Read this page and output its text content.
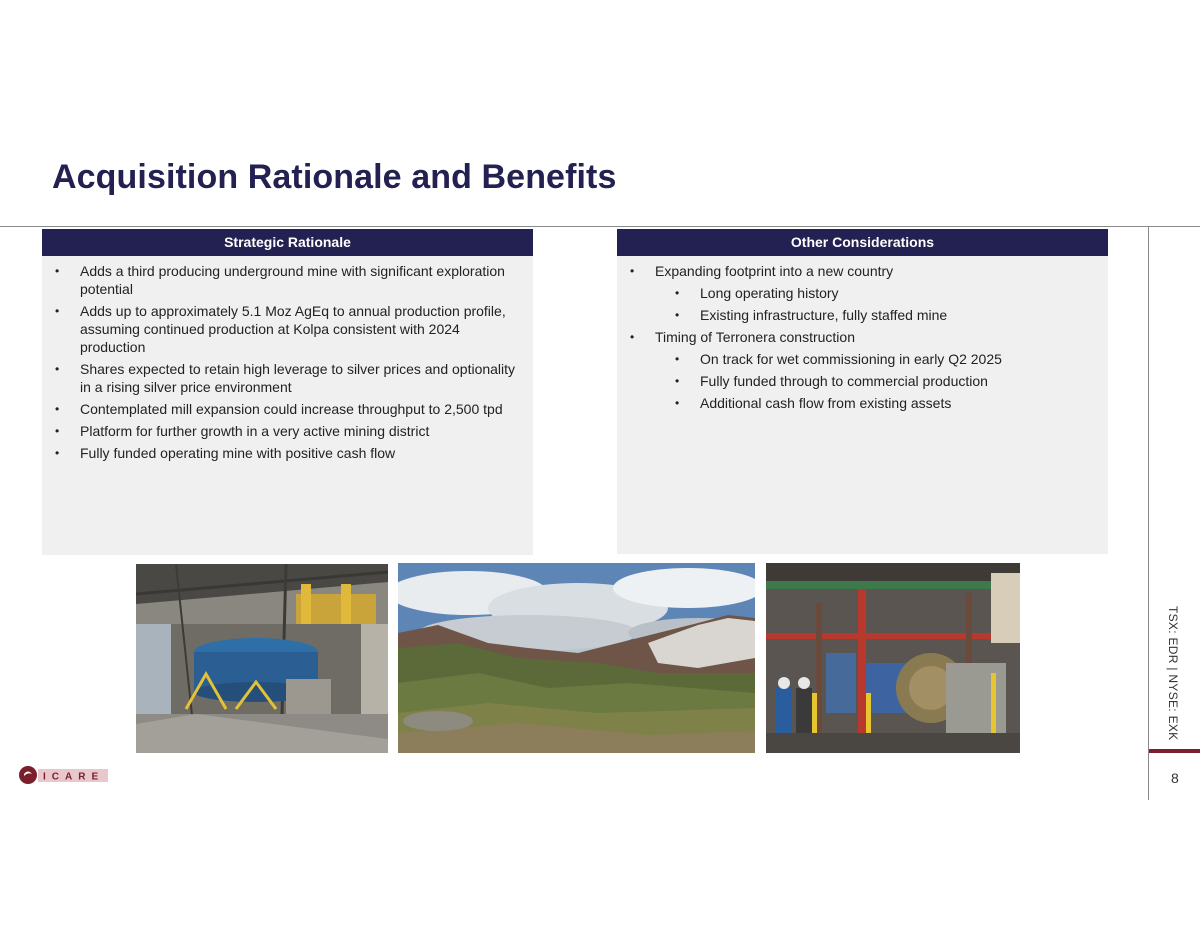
Acquisition Rationale and Benefits
TSX: EDR | NYSE: EXK
8
Strategic Rationale
• Adds a third producing underground mine with significant exploration potential
• Adds up to approximately 5.1 Moz AgEq to annual production profile, assuming continued production at Kolpa consistent with 2024 production
• Shares expected to retain high leverage to silver prices and optionality in a rising silver price environment
• Contemplated mill expansion could increase throughput to 2,500 tpd
• Platform for further growth in a very active mining district
• Fully funded operating mine with positive cash flow
Other Considerations
• Expanding footprint into a new country
• Long operating history
• Existing infrastructure, fully staffed mine
• Timing of Terronera construction
• On track for wet commissioning in early Q2 2025
• Fully funded through to commercial production
• Additional cash flow from existing assets
ICARE
